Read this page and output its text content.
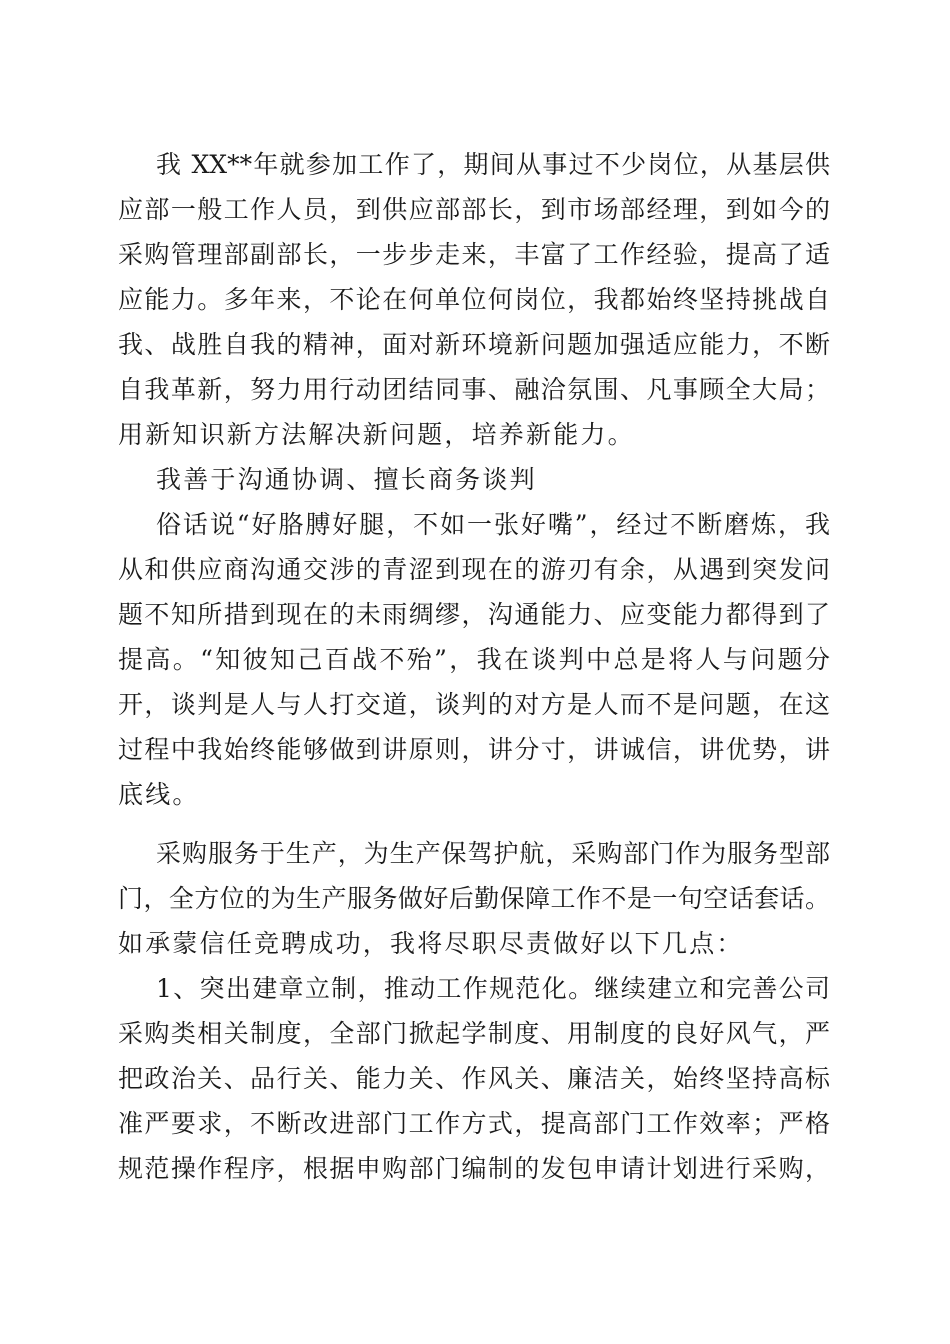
我 XX**年就参加工作了，期间从事过不少岗位，从基层供
应部一般工作人员，到供应部部长，到市场部经理，到如今的
采购管理部副部长，一步步走来，丰富了工作经验，提高了适
应能力。多年来，不论在何单位何岗位，我都始终坚持挑战自
我、战胜自我的精神，面对新环境新问题加强适应能力，不断
自我革新，努力用行动团结同事、融洽氛围、凡事顾全大局；
用新知识新方法解决新问题，培养新能力。
我善于沟通协调、擅长商务谈判
俗话说“好胳膊好腿，不如一张好嘴”，经过不断磨炼，我
从和供应商沟通交涉的青涩到现在的游刃有余，从遇到突发问
题不知所措到现在的未雨绸缪，沟通能力、应变能力都得到了
提高。“知彼知己百战不殆”，我在谈判中总是将人与问题分
开，谈判是人与人打交道，谈判的对方是人而不是问题，在这
过程中我始终能够做到讲原则，讲分寸，讲诚信，讲优势，讲
底线。
采购服务于生产，为生产保驾护航，采购部门作为服务型部
门，全方位的为生产服务做好后勤保障工作不是一句空话套话。
如承蒙信任竞聘成功，我将尽职尽责做好以下几点：
1、突出建章立制，推动工作规范化。继续建立和完善公司
采购类相关制度，全部门掀起学制度、用制度的良好风气，严
把政治关、品行关、能力关、作风关、廉洁关，始终坚持高标
准严要求，不断改进部门工作方式，提高部门工作效率；严格
规范操作程序，根据申购部门编制的发包申请计划进行采购，
